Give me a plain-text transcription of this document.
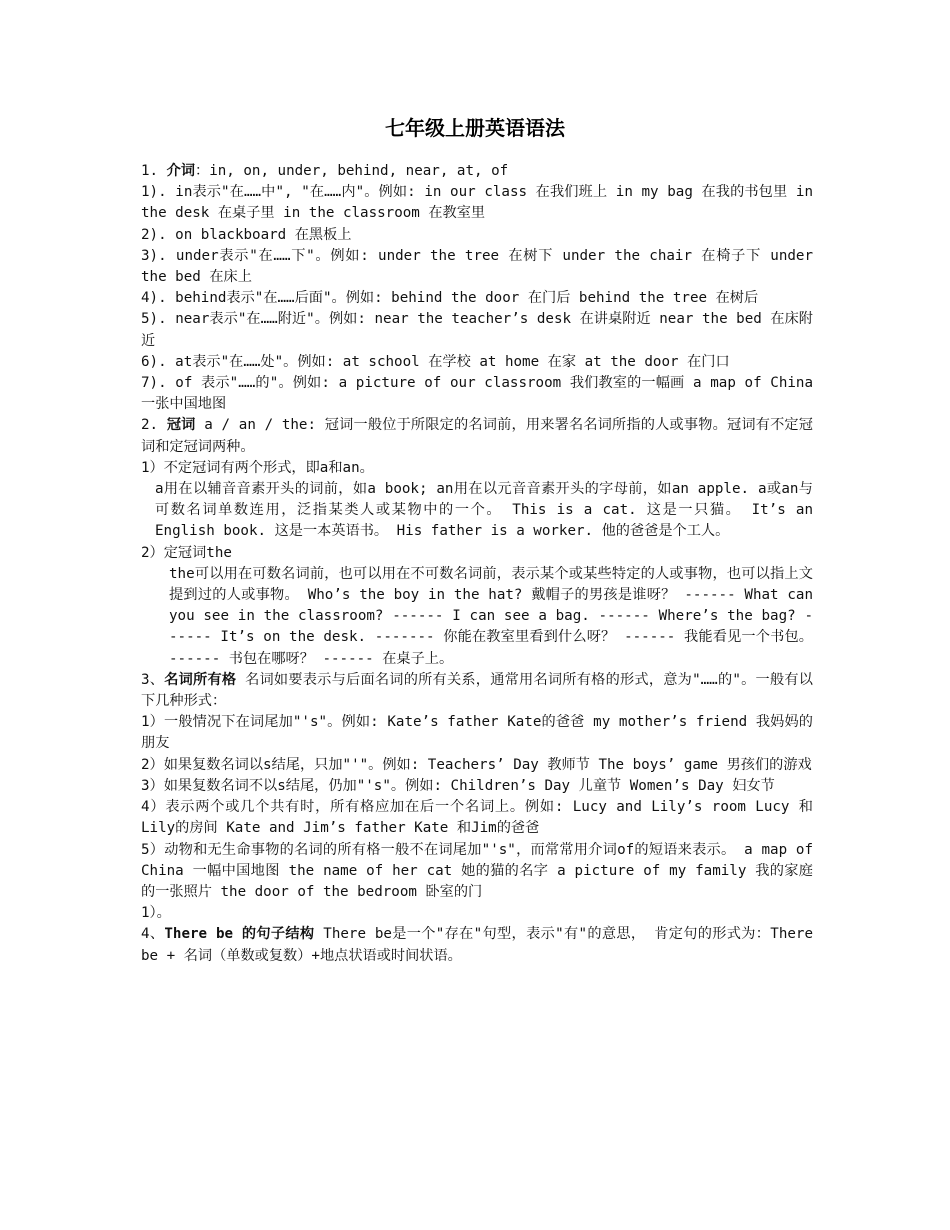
七年级上册英语语法
1. 介词：in, on, under, behind, near, at, of
1). in表示"在……中", "在……内"。例如: in our class 在我们班上 in my bag 在我的书包里 in the desk 在桌子里 in the classroom 在教室里
2). on blackboard 在黑板上
3). under表示"在……下"。例如: under the tree 在树下 under the chair 在椅子下 under the bed 在床上
4). behind表示"在……后面"。例如: behind the door 在门后 behind the tree 在树后
5). near表示"在……附近"。例如: near the teacher’s desk 在讲桌附近 near the bed 在床附近
6). at表示"在……处"。例如: at school 在学校 at home 在家 at the door 在门口
7). of 表示"……的"。例如: a picture of our classroom 我们教室的一幅画 a map of China 一张中国地图
2. 冠词 a / an / the: 冠词一般位于所限定的名词前，用来署名名词所指的人或事物。冠词有不定冠词和定冠词两种。
1）不定冠词有两个形式，即a和an。
a用在以辅音音素开头的词前，如a book; an用在以元音音素开头的字母前，如an apple. a或an与可数名词单数连用，泛指某类人或某物中的一个。 This is a cat. 这是一只猫。 It’s an English book. 这是一本英语书。 His father is a worker. 他的爸爸是个工人。
2）定冠词the
the可以用在可数名词前，也可以用在不可数名词前，表示某个或某些特定的人或事物，也可以指上文提到过的人或事物。 Who’s the boy in the hat? 戴帽子的男孩是谁呀？ ------ What can you see in the classroom? ------ I can see a bag. ------ Where’s the bag? ------ It’s on the desk. ------- 你能在教室里看到什么呀？ ------ 我能看见一个书包。 ------ 书包在哪呀？ ------ 在桌子上。
3、名词所有格 名词如要表示与后面名词的所有关系，通常用名词所有格的形式，意为"……的"。一般有以下几种形式：
1）一般情况下在词尾加"'s"。例如: Kate’s father Kate的爸爸 my mother’s friend 我妈妈的朋友
2）如果复数名词以s结尾，只加"'"。例如: Teachers’ Day 教师节 The boys’ game 男孩们的游戏
3）如果复数名词不以s结尾，仍加"'s"。例如: Children’s Day 儿童节 Women’s Day 妇女节
4）表示两个或几个共有时，所有格应加在后一个名词上。例如: Lucy and Lily’s room Lucy 和Lily的房间 Kate and Jim’s father Kate 和Jim的爸爸
5）动物和无生命事物的名词的所有格一般不在词尾加"'s"，而常常用介词of的短语来表示。 a map of China 一幅中国地图 the name of her cat 她的猫的名字 a picture of my family 我的家庭的一张照片 the door of the bedroom 卧室的门
1）。
4、There be 的句子结构 There be是一个"存在"句型，表示"有"的意思， 肯定句的形式为：There be + 名词（单数或复数）+地点状语或时间状语。
